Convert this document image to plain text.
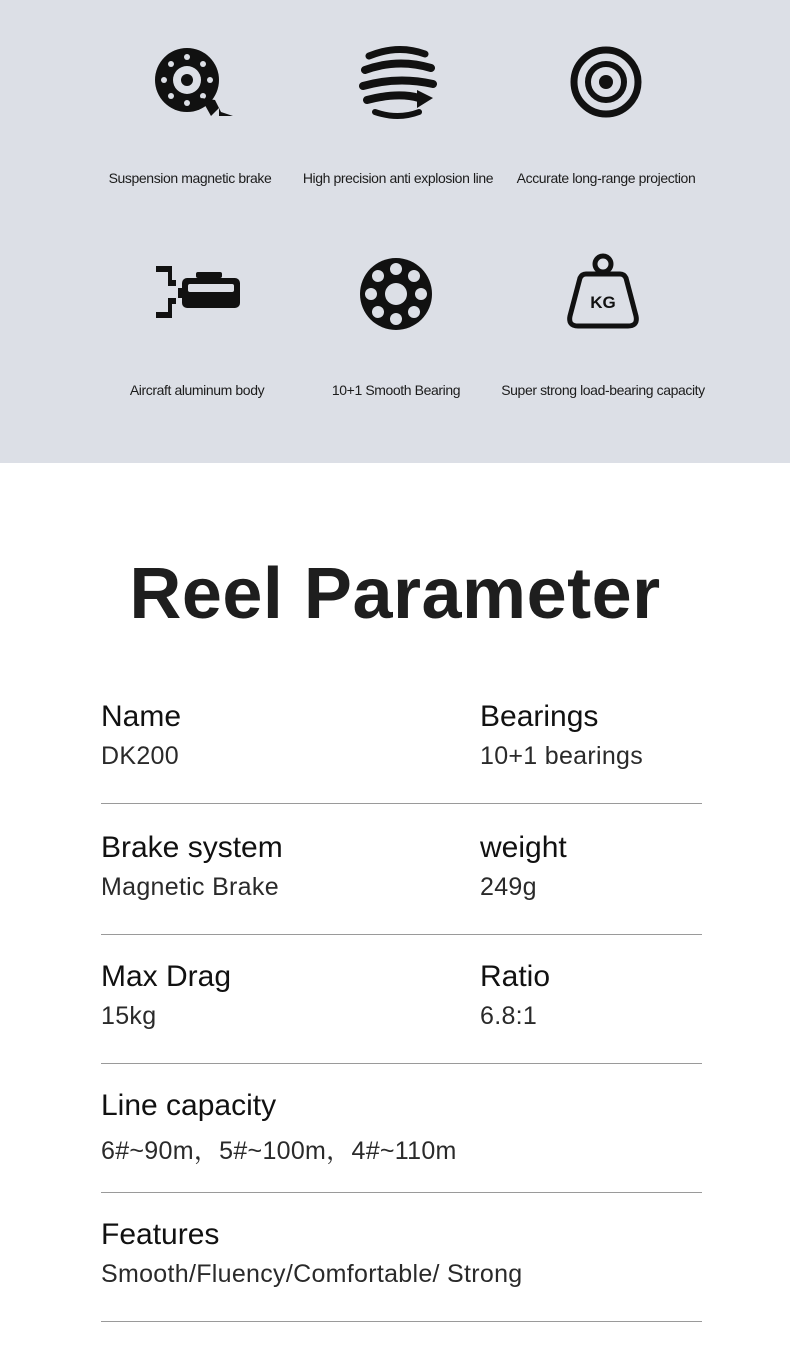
Suspension magnetic brake	High precision anti explosion line	Accurate long-range projection
Aircraft aluminum body	10+1 Smooth Bearing
KG
Super strong load-bearing capacity
Reel Parameter
Name
DK200
Bearings
10+1 bearings
Brake system
Magnetic Brake
weight
249g
Max Drag
15kg
Ratio
6.8:1
Line capacity
6#~90m，5#~100m，4#~110m
Features
Smooth/Fluency/Comfortable/ Strong
